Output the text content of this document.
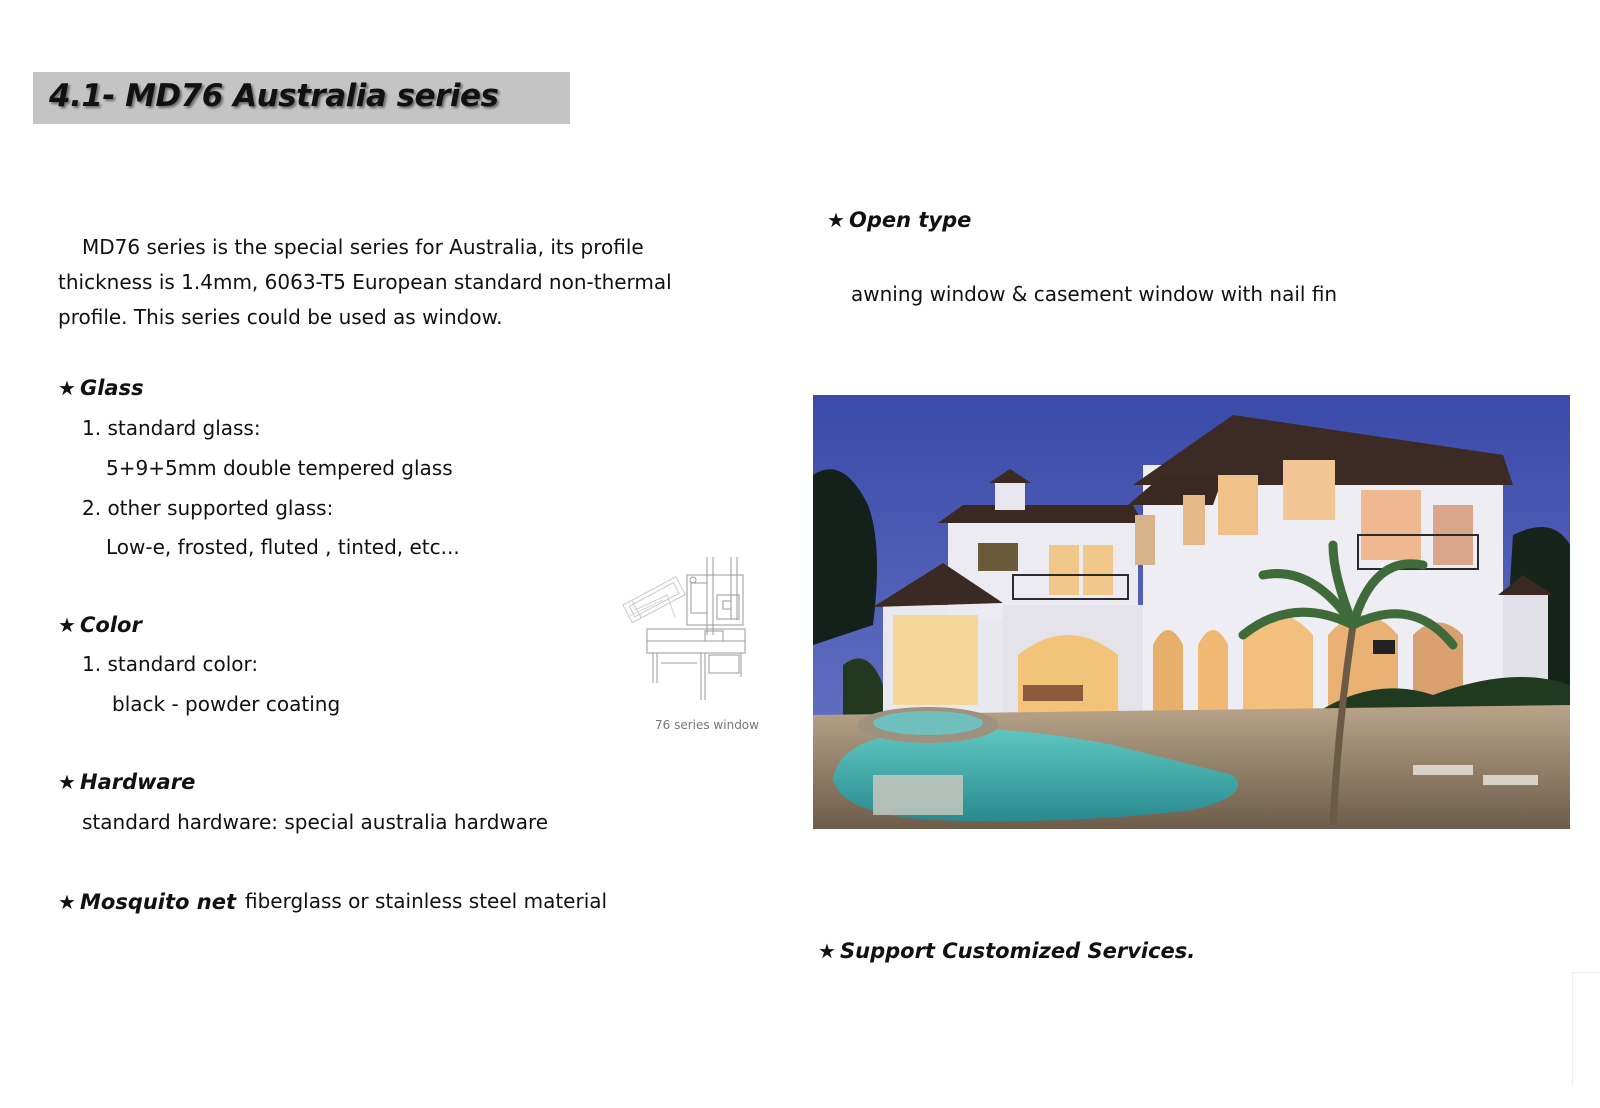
4.1- MD76 Australia series

MD76 series is the special series for Australia, its profile

thickness is 1.4mm, 6063-T5 European standard non-thermal

profile. This series could be used as window.

★ Glass
1. standard glass:
5+9+5mm double tempered glass
2. other supported glass:
Low-e, frosted, fluted , tinted, etc...
★ Color
1. standard color:
black - powder coating
★ Hardware
standard hardware: special australia hardware
★ Mosquito net fiberglass or stainless steel material
76 series window
★ Open type
awning window & casement window with nail fin
★ Support Customized Services.
